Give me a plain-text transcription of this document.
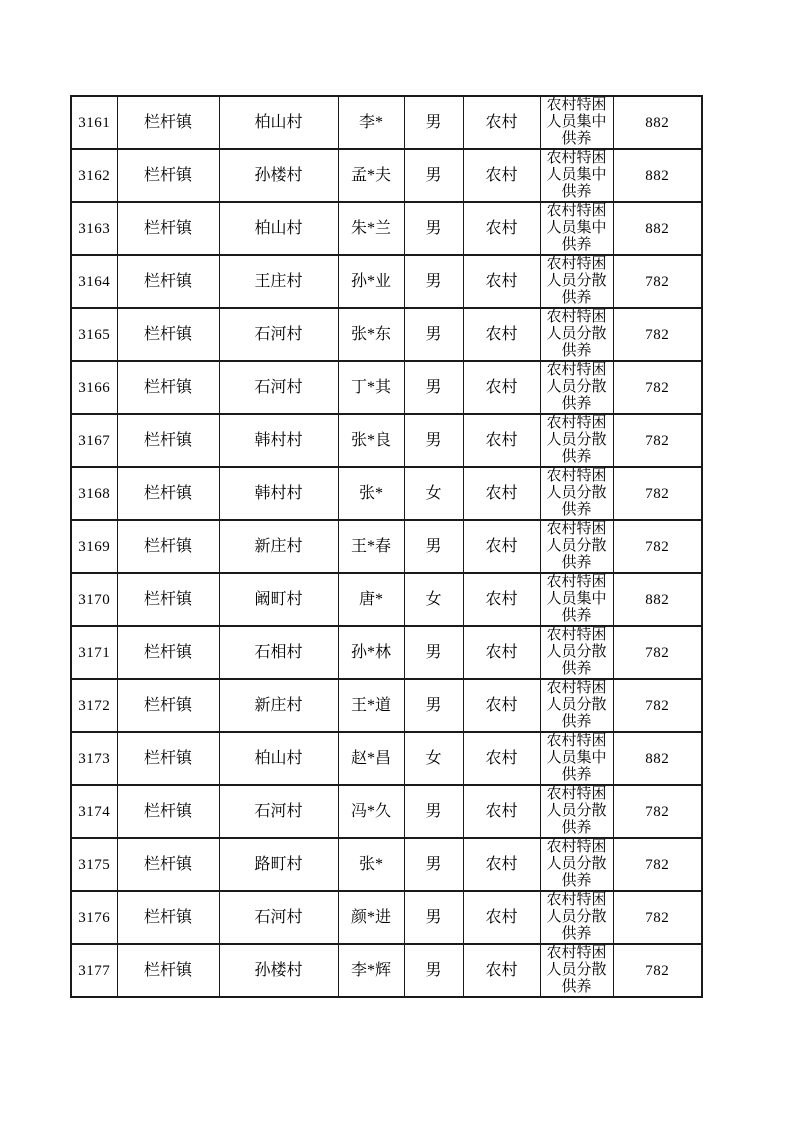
3161	栏杆镇	柏山村	李*	男	农村	农村特困人员集中供养	882
3162	栏杆镇	孙楼村	孟*夫	男	农村	农村特困人员集中供养	882
3163	栏杆镇	柏山村	朱*兰	男	农村	农村特困人员集中供养	882
3164	栏杆镇	王庄村	孙*业	男	农村	农村特困人员分散供养	782
3165	栏杆镇	石河村	张*东	男	农村	农村特困人员分散供养	782
3166	栏杆镇	石河村	丁*其	男	农村	农村特困人员分散供养	782
3167	栏杆镇	韩村村	张*良	男	农村	农村特困人员分散供养	782
3168	栏杆镇	韩村村	张*	女	农村	农村特困人员分散供养	782
3169	栏杆镇	新庄村	王*春	男	农村	农村特困人员分散供养	782
3170	栏杆镇	阚町村	唐*	女	农村	农村特困人员集中供养	882
3171	栏杆镇	石相村	孙*林	男	农村	农村特困人员分散供养	782
3172	栏杆镇	新庄村	王*道	男	农村	农村特困人员分散供养	782
3173	栏杆镇	柏山村	赵*昌	女	农村	农村特困人员集中供养	882
3174	栏杆镇	石河村	冯*久	男	农村	农村特困人员分散供养	782
3175	栏杆镇	路町村	张*	男	农村	农村特困人员分散供养	782
3176	栏杆镇	石河村	颜*进	男	农村	农村特困人员分散供养	782
3177	栏杆镇	孙楼村	李*辉	男	农村	农村特困人员分散供养	782
